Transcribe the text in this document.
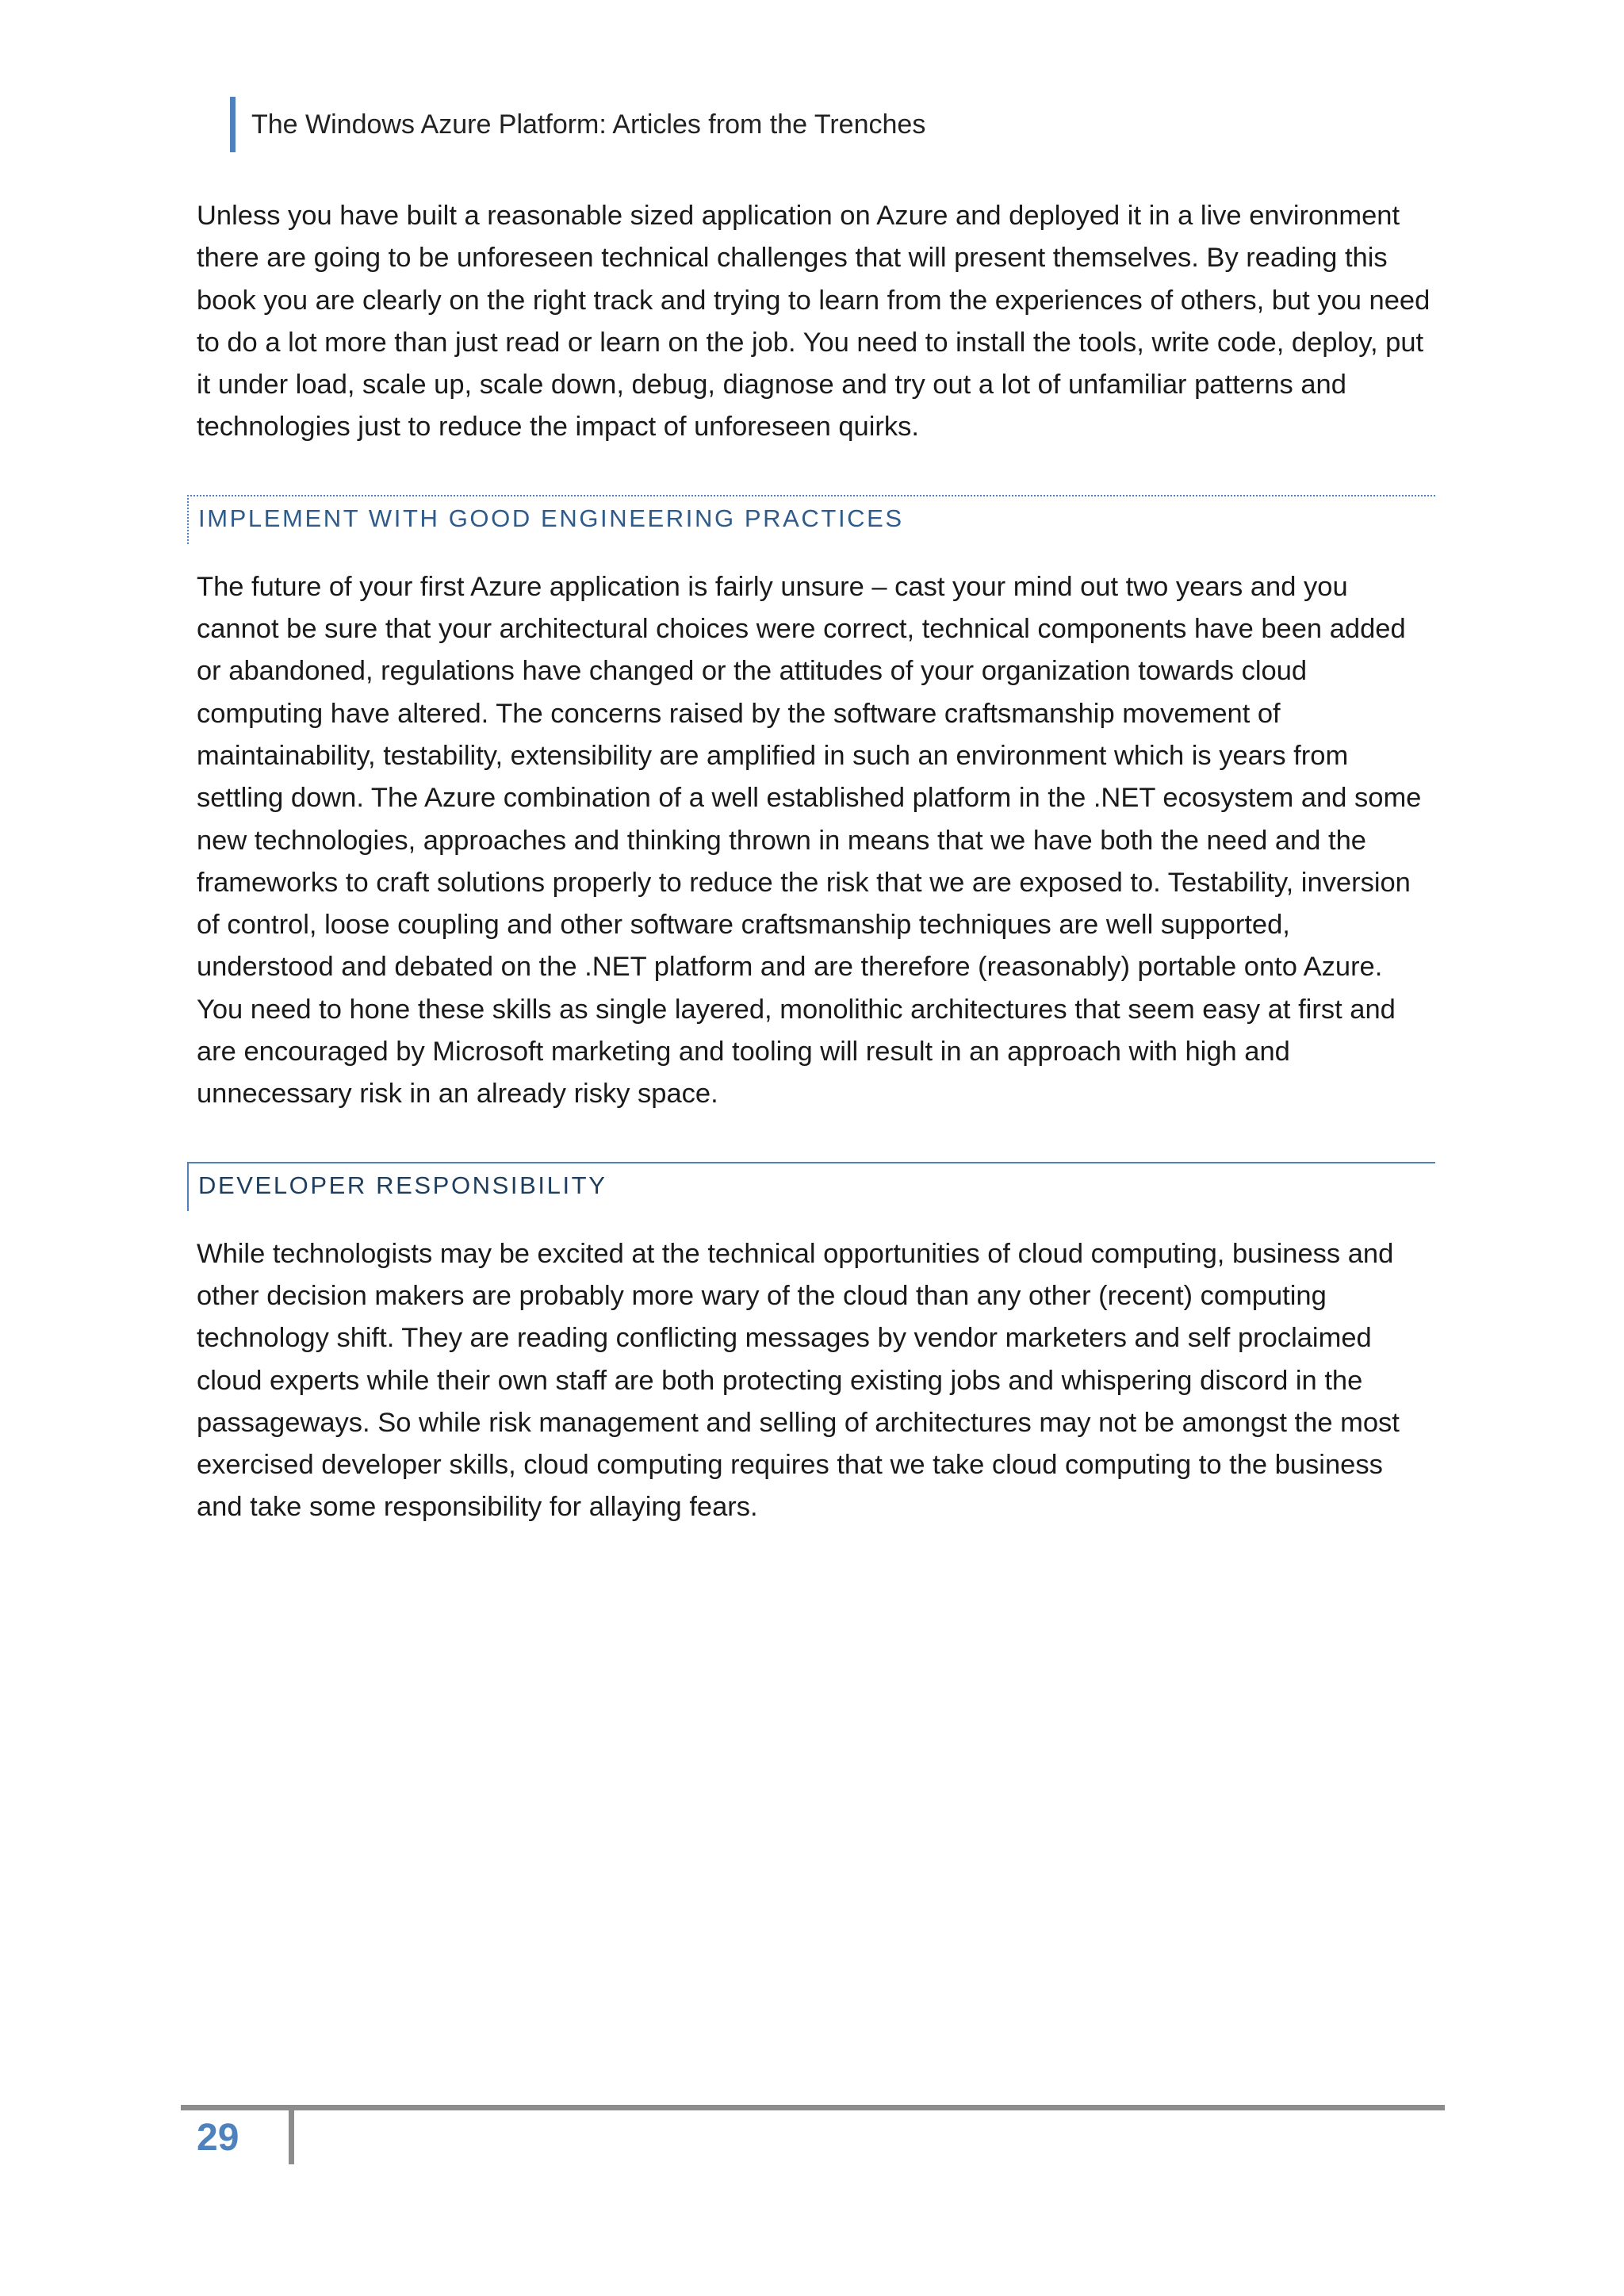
The Windows Azure Platform: Articles from the Trenches

Unless you have built a reasonable sized application on Azure and deployed it in a live environment there are going to be unforeseen technical challenges that will present themselves. By reading this book you are clearly on the right track and trying to learn from the experiences of others, but you need to do a lot more than just read or learn on the job. You need to install the tools, write code, deploy, put it under load, scale up, scale down, debug, diagnose and try out a lot of unfamiliar patterns and technologies just to reduce the impact of unforeseen quirks.

IMPLEMENT WITH GOOD ENGINEERING PRACTICES

The future of your first Azure application is fairly unsure – cast your mind out two years and you cannot be sure that your architectural choices were correct, technical components have been added or abandoned, regulations have changed or the attitudes of your organization towards cloud computing have altered. The concerns raised by the software craftsmanship movement of maintainability, testability, extensibility are amplified in such an environment which is years from settling down. The Azure combination of a well established platform in the .NET ecosystem and some new technologies, approaches and thinking thrown in means that we have both the need and the frameworks to craft solutions properly to reduce the risk that we are exposed to. Testability, inversion of control, loose coupling and other software craftsmanship techniques are well supported, understood and debated on the .NET platform and are therefore (reasonably) portable onto Azure. You need to hone these skills as single layered, monolithic architectures that seem easy at first and are encouraged by Microsoft marketing and tooling will result in an approach with high and unnecessary risk in an already risky space.

DEVELOPER RESPONSIBILITY

While technologists may be excited at the technical opportunities of cloud computing, business and other decision makers are probably more wary of the cloud than any other (recent) computing technology shift. They are reading conflicting messages by vendor marketers and self proclaimed cloud experts while their own staff are both protecting existing jobs and whispering discord in the passageways. So while risk management and selling of architectures may not be amongst the most exercised developer skills, cloud computing requires that we take cloud computing to the business and take some responsibility for allaying fears.

29
